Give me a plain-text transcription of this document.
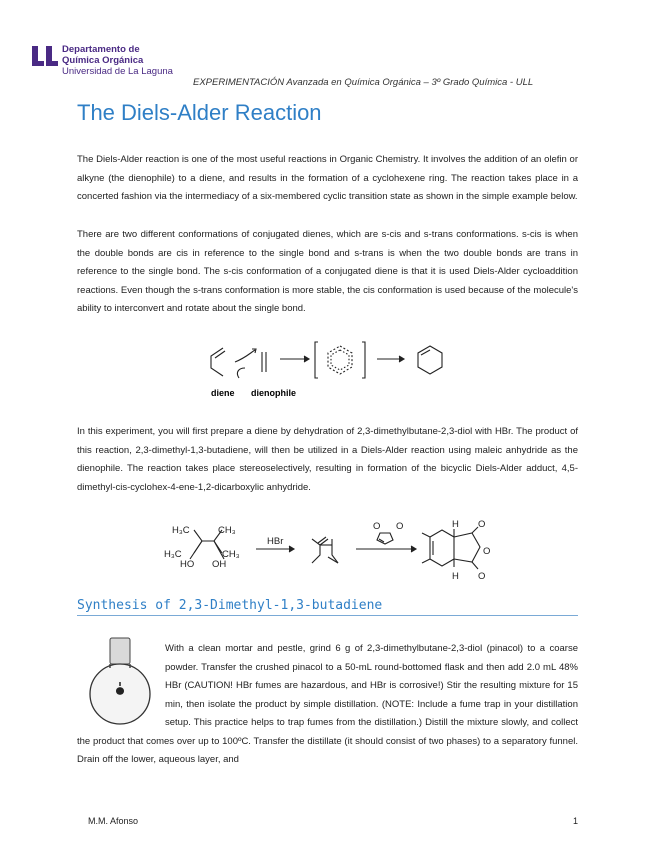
Departamento de
Química Orgánica
Universidad de La Laguna
EXPERIMENTACIÓN Avanzada en Química Orgánica – 3º Grado Química - ULL
The Diels-Alder Reaction

The Diels-Alder reaction is one of the most useful reactions in Organic Chemistry. It involves the addition of an olefin or alkyne (the dienophile) to a diene, and results in the formation of a cyclohexene ring. The reaction takes place in a concerted fashion via the intermediacy of a six-membered cyclic transition state as shown in the simple example below.

There are two different conformations of conjugated dienes, which are s-cis and s-trans conformations. s-cis is when the double bonds are cis in reference to the single bond and s-trans is when the two double bonds are trans in reference to the single bond. The s-cis conformation of a conjugated diene is that it is used Diels-Alder cycloaddition reactions. Even though the s-trans conformation is more stable, the cis conformation is used because of the molecule's ability to interconvert and rotate about the single bond.

diene dienophile

In this experiment, you will first prepare a diene by dehydration of 2,3-dimethylbutane-2,3-diol with HBr. The product of this reaction, 2,3-dimethyl-1,3-butadiene, will then be utilized in a Diels-Alder reaction using maleic anhydride as the dienophile. The reaction takes place stereoselectively, resulting in formation of the bicyclic Diels-Alder adduct, 4,5-dimethyl-cis-cyclohex-4-ene-1,2-dicarboxylic anhydride.

H₃C	CH₃
H₃C	CH₃
HO OH
HBr
O O	H
H
O
O
O
Synthesis of 2,3-Dimethyl-1,3-butadiene

With a clean mortar and pestle, grind 6 g of 2,3-dimethylbutane-2,3-diol (pinacol) to a coarse powder. Transfer the crushed pinacol to a 50-mL round-bottomed flask and then add 2.0 mL 48% HBr (CAUTION! HBr fumes are hazardous, and HBr is corrosive!) Stir the resulting mixture for 15 min, then isolate the product by simple distillation. (NOTE: Include a fume trap in your distillation setup. This practice helps to trap fumes from the distillation.) Distill the mixture slowly, and collect the product that comes over up to 100ºC. Transfer the distillate (it should consist of two phases) to a separatory funnel. Drain off the lower, aqueous layer, and

M.M. Afonso	1
